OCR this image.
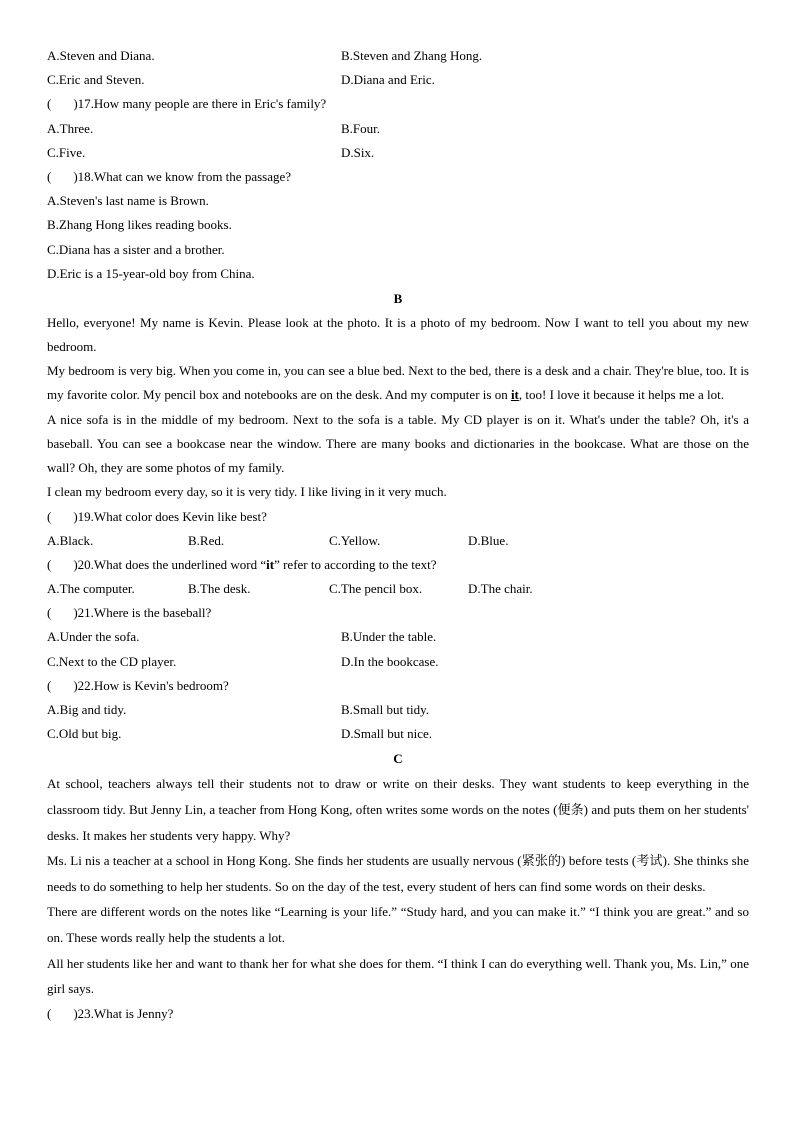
A.Steven and Diana.	B.Steven and Zhang Hong.
C.Eric and Steven.	D.Diana and Eric.
( )17.How many people are there in Eric's family?
A.Three.	B.Four.
C.Five.	D.Six.
( )18.What can we know from the passage?
A.Steven's last name is Brown.
B.Zhang Hong likes reading books.
C.Diana has a sister and a brother.
D.Eric is a 15-year-old boy from China.
B
Hello, everyone! My name is Kevin. Please look at the photo. It is a photo of my bedroom. Now I want to tell you about my new bedroom.
My bedroom is very big. When you come in, you can see a blue bed. Next to the bed, there is a desk and a chair. They're blue, too. It is my favorite color. My pencil box and notebooks are on the desk. And my computer is on it, too! I love it because it helps me a lot.
A nice sofa is in the middle of my bedroom. Next to the sofa is a table. My CD player is on it. What's under the table? Oh, it's a baseball. You can see a bookcase near the window. There are many books and dictionaries in the bookcase. What are those on the wall? Oh, they are some photos of my family.
I clean my bedroom every day, so it is very tidy. I like living in it very much.
( )19.What color does Kevin like best?
A.Black.	B.Red.	C.Yellow.	D.Blue.
( )20.What does the underlined word “it” refer to according to the text?
A.The computer.	B.The desk.	C.The pencil box.	D.The chair.
( )21.Where is the baseball?
A.Under the sofa.	B.Under the table.
C.Next to the CD player.	D.In the bookcase.
( )22.How is Kevin's bedroom?
A.Big and tidy.	B.Small but tidy.
C.Old but big.	D.Small but nice.
C
At school, teachers always tell their students not to draw or write on their desks. They want students to keep everything in the classroom tidy. But Jenny Lin, a teacher from Hong Kong, often writes some words on the notes (便条) and puts them on her students' desks. It makes her students very happy. Why?
Ms. Li nis a teacher at a school in Hong Kong. She finds her students are usually nervous (紧张的) before tests (考试). She thinks she needs to do something to help her students. So on the day of the test, every student of hers can find some words on their desks.
There are different words on the notes like “Learning is your life.” “Study hard, and you can make it.” “I think you are great.” and so on. These words really help the students a lot.
All her students like her and want to thank her for what she does for them. “I think I can do everything well. Thank you, Ms. Lin,” one girl says.
( )23.What is Jenny?
